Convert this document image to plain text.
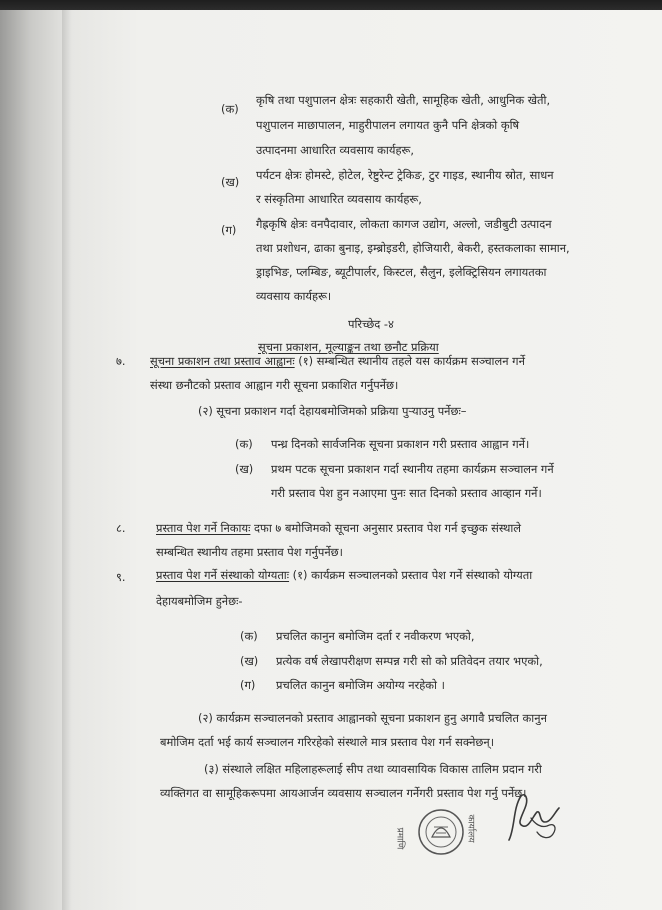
(क)
कृषि तथा पशुपालन क्षेत्रः सहकारी खेती, सामूहिक खेती, आधुनिक खेती,
पशुपालन माछापालन, माहुरीपालन लगायत कुनै पनि क्षेत्रको कृषि
उत्पादनमा आधारित व्यवसाय कार्यहरू,
(ख) पर्यटन क्षेत्रः होमस्टे, होटेल, रेष्टुरेन्ट ट्रेकिङ, टुर गाइड, स्थानीय स्रोत, साधन
र संस्कृतिमा आधारित व्यवसाय कार्यहरू,
(ग) गैह्रकृषि क्षेत्रः वनपैदावार, लोकता कागज उद्योग, अल्लो, जडीबुटी उत्पादन
तथा प्रशोधन, ढाका बुनाइ, इम्ब्रोइडरी, होजियारी, बेकरी, हस्तकलाका सामान,
ड्राइभिङ, प्लम्बिङ, ब्यूटीपार्लर, किस्टल, सैलुन, इलेक्ट्रिसियन लगायतका
व्यवसाय कार्यहरू।
परिच्छेद -४
सूचना प्रकाशन, मूल्याङ्कन तथा छनौट प्रक्रिया
७. सूचना प्रकाशन तथा प्रस्ताव आह्वानः (१) सम्बन्धित स्थानीय तहले यस कार्यक्रम सञ्चालन गर्ने
संस्था छनौटको प्रस्ताव आह्वान गरी सूचना प्रकाशित गर्नुपर्नेछ।
(२) सूचना प्रकाशन गर्दा देहायबमोजिमको प्रक्रिया पुऱ्याउनु पर्नेछः–
(क) पन्ध्र दिनको सार्वजनिक सूचना प्रकाशन गरी प्रस्ताव आह्वान गर्ने।
(ख) प्रथम पटक सूचना प्रकाशन गर्दा स्थानीय तहमा कार्यक्रम सञ्चालन गर्ने
गरी प्रस्ताव पेश हुन नआएमा पुनः सात दिनको प्रस्ताव आव्हान गर्ने।
८.	प्रस्ताव पेश गर्ने निकायः दफा ७ बमोजिमको सूचना अनुसार प्रस्ताव पेश गर्न इच्छुक संस्थाले
सम्बन्धित स्थानीय तहमा प्रस्ताव पेश गर्नुपर्नेछ।
९.	प्रस्ताव पेश गर्ने संस्थाको योग्यताः (१) कार्यक्रम सञ्चालनको प्रस्ताव पेश गर्ने संस्थाको योग्यता
देहायबमोजिम हुनेछः-
(क) प्रचलित कानुन बमोजिम दर्ता र नवीकरण भएको,
(ख) प्रत्येक वर्ष लेखापरीक्षण सम्पन्न गरी सो को प्रतिवेदन तयार भएको,
(ग) प्रचलित कानुन बमोजिम अयोग्य नरहेको ।
(२) कार्यक्रम सञ्चालनको प्रस्ताव आह्वानको सूचना प्रकाशन हुनु अगावै प्रचलित कानुन
बमोजिम दर्ता भई कार्य सञ्चालन गरिरहेको संस्थाले मात्र प्रस्ताव पेश गर्न सक्नेछन्।
(३) संस्थाले लक्षित महिलाहरूलाई सीप तथा व्यावसायिक विकास तालिम प्रदान गरी
व्यक्तिगत वा सामूहिकरूपमा आयआर्जन व्यवसाय सञ्चालन गर्नेगरी प्रस्ताव पेश गर्नु पर्नेछ।
प्रमाणि	कार्यालय
